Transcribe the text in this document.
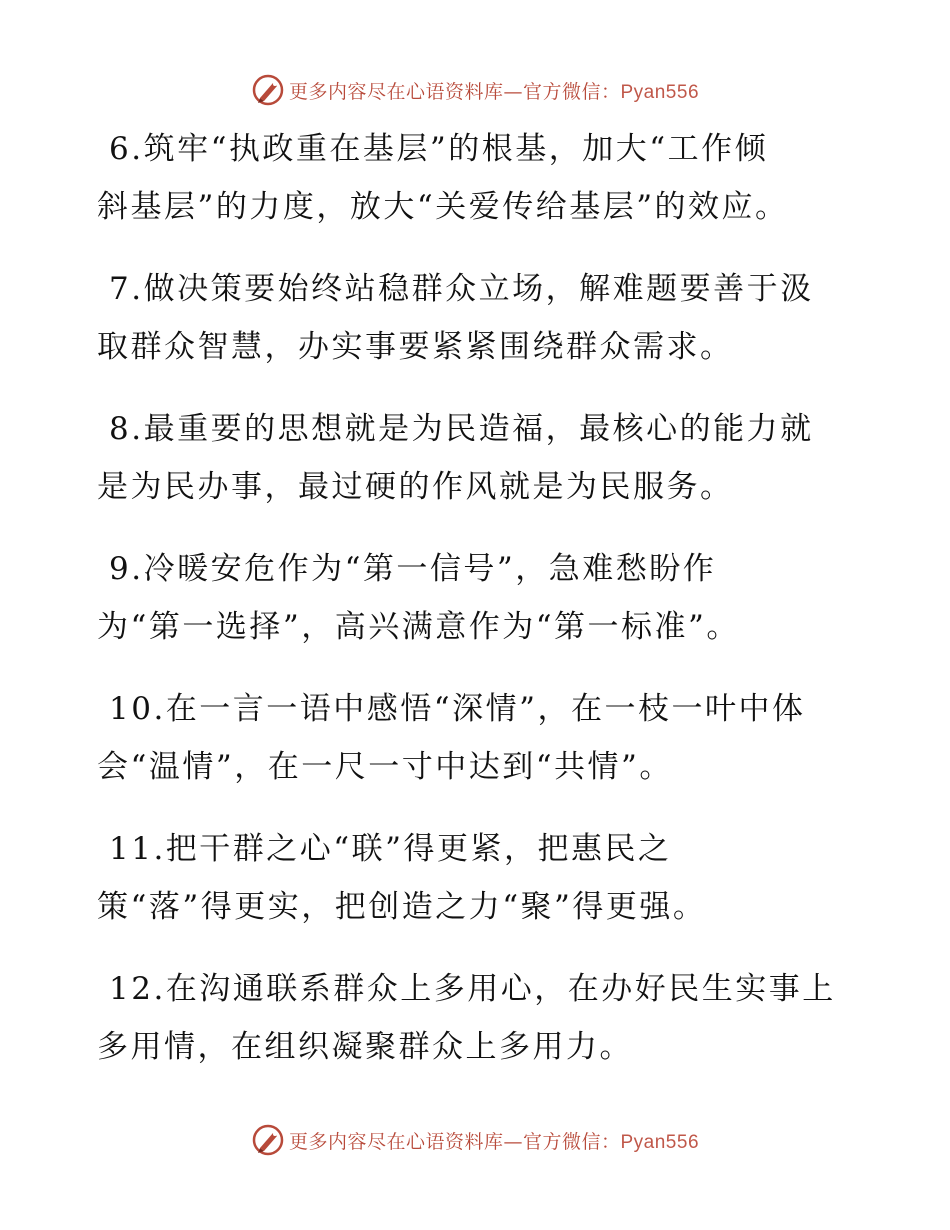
更多内容尽在心语资料库—官方微信：Pyan556
6.筑牢“执政重在基层”的根基，加大“工作倾
斜基层”的力度，放大“关爱传给基层”的效应。
7.做决策要始终站稳群众立场，解难题要善于汲
取群众智慧，办实事要紧紧围绕群众需求。
8.最重要的思想就是为民造福，最核心的能力就
是为民办事，最过硬的作风就是为民服务。
9.冷暖安危作为“第一信号”，急难愁盼作
为“第一选择”，高兴满意作为“第一标准”。
10.在一言一语中感悟“深情”，在一枝一叶中体
会“温情”，在一尺一寸中达到“共情”。
11.把干群之心“联”得更紧，把惠民之
策“落”得更实，把创造之力“聚”得更强。
12.在沟通联系群众上多用心，在办好民生实事上
多用情，在组织凝聚群众上多用力。
更多内容尽在心语资料库—官方微信：Pyan556
